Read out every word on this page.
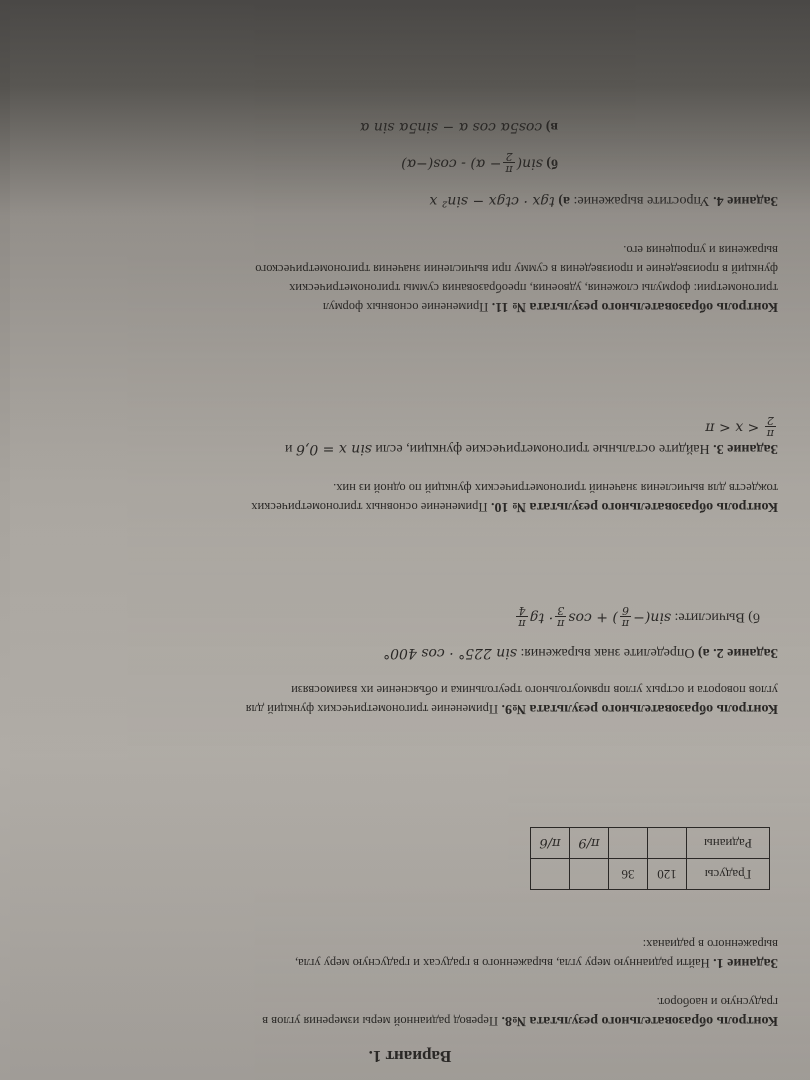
Вариант 1.
Контроль образовательного результата №8. Перевод радианной меры измерения углов в
градусную и наоборот.
Задание 1. Найти радианную меру угла, выраженного в градусах и градусную меру угла,
выраженного в радианах:
Градусы	120	36		
Радианы			π/9	π/6
Контроль образовательного результата №9. Применение тригонометрических функций для
углов поворота и острых углов прямоугольного треугольника и объяснение их взаимосвязи
Задание 2. а) Определите знак выражения: sin 225° · cos 400°
б) Вычислите: sin(−
π
6
) + cos
π
3
· tg
π
4
Контроль образовательного результата № 10. Применение основных тригонометрических
тождеств для вычисления значений тригонометрических функций по одной из них.
Задание 3. Найдите остальные тригонометрические функции, если sin x = 0,6 и

π
2
< x < π
Контроль образовательного результата № 11. Применение основных формул
тригонометрии: формулы сложения, удвоения, преобразования суммы тригонометрических
функций в произведение и произведения в сумму при вычислении значения тригонометрического
выражения и упрощения его.
Задание 4. Упростите выражение: а) tgx · ctgx − sin² x
б) sin(
π
2
− α) - cos(−α)
в) cos5α cos α − sin5α sin α
